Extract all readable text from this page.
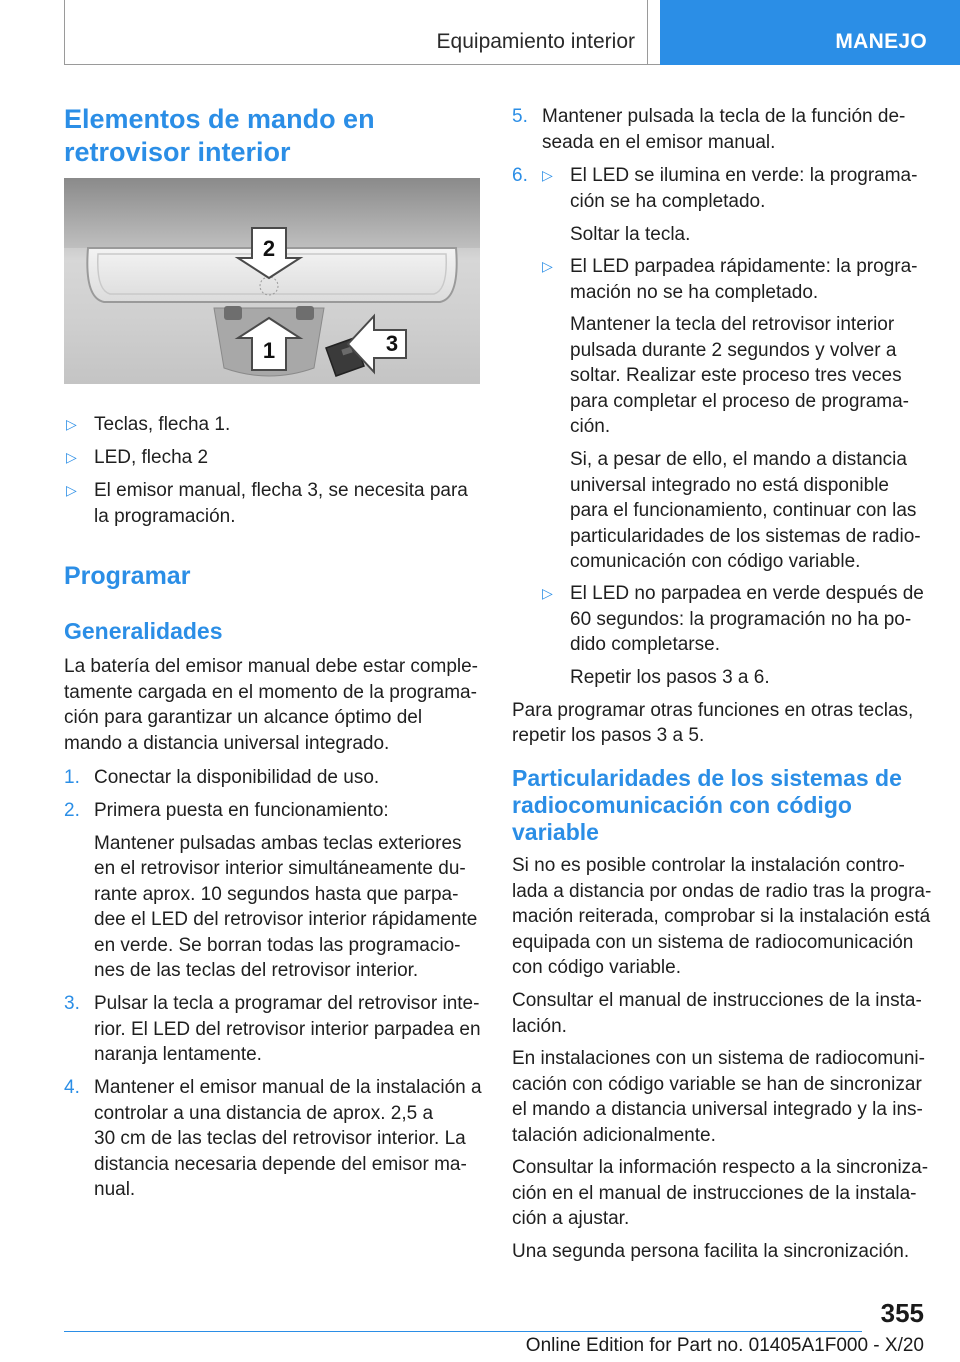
Equipamiento interior	MANEJO
Elementos de mando en
retrovisor interior
2
1	3
▷ Teclas, flecha 1.
▷ LED, flecha 2
▷ El emisor manual, flecha 3, se necesita para
la programación.
Programar
Generalidades
La batería del emisor manual debe estar comple‐
tamente cargada en el momento de la programa‐
ción para garantizar un alcance óptimo del
mando a distancia universal integrado.
1. Conectar la disponibilidad de uso.
2. Primera puesta en funcionamiento:
Mantener pulsadas ambas teclas exteriores
en el retrovisor interior simultáneamente du‐
rante aprox. 10 segundos hasta que parpa‐
dee el LED del retrovisor interior rápidamente
en verde. Se borran todas las programacio‐
nes de las teclas del retrovisor interior.
3. Pulsar la tecla a programar del retrovisor inte‐
rior. El LED del retrovisor interior parpadea en
naranja lentamente.
4. Mantener el emisor manual de la instalación a
controlar a una distancia de aprox. 2,5 a
30 cm de las teclas del retrovisor interior. La
distancia necesaria depende del emisor ma‐
nual.
5. Mantener pulsada la tecla de la función de‐
seada en el emisor manual.
6. ▷ El LED se ilumina en verde: la programa‐
ción se ha completado.
Soltar la tecla.
▷ El LED parpadea rápidamente: la progra‐
mación no se ha completado.
Mantener la tecla del retrovisor interior
pulsada durante 2 segundos y volver a
soltar. Realizar este proceso tres veces
para completar el proceso de programa‐
ción.
Si, a pesar de ello, el mando a distancia
universal integrado no está disponible
para el funcionamiento, continuar con las
particularidades de los sistemas de radio‐
comunicación con código variable.
▷ El LED no parpadea en verde después de
60 segundos: la programación no ha po‐
dido completarse.
Repetir los pasos 3 a 6.
Para programar otras funciones en otras teclas,
repetir los pasos 3 a 5.
Particularidades de los sistemas de
radiocomunicación con código
variable
Si no es posible controlar la instalación contro‐
lada a distancia por ondas de radio tras la progra‐
mación reiterada, comprobar si la instalación está
equipada con un sistema de radiocomunicación
con código variable.
Consultar el manual de instrucciones de la insta‐
lación.
En instalaciones con un sistema de radiocomuni‐
cación con código variable se han de sincronizar
el mando a distancia universal integrado y la ins‐
talación adicionalmente.
Consultar la información respecto a la sincroniza‐
ción en el manual de instrucciones de la instala‐
ción a ajustar.
Una segunda persona facilita la sincronización.
355
Online Edition for Part no. 01405A1F000 - X/20
